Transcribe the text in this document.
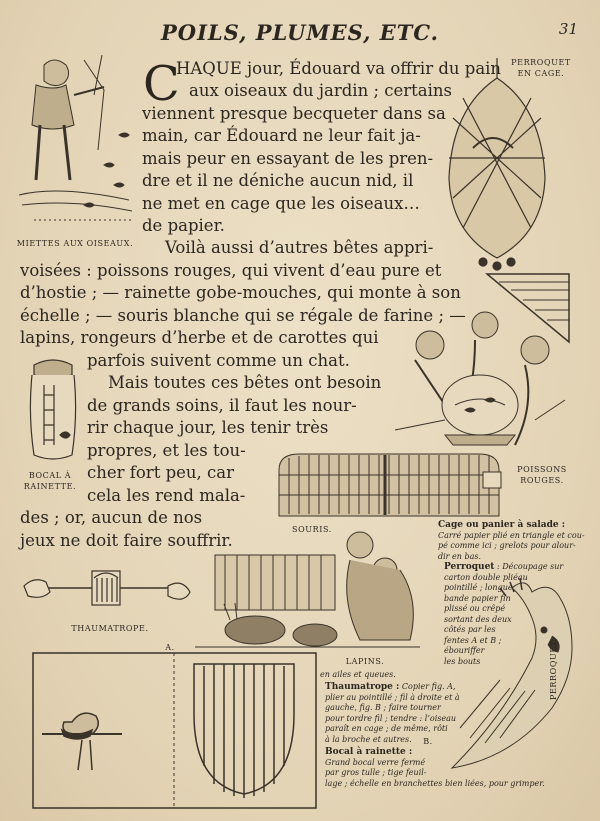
POILS, PLUMES, ETC.	31
C
HAQUE jour, Édouard va offrir du pain
aux oiseaux du jardin ; certains
viennent presque becqueter dans sa
main, car Édouard ne leur fait ja-
mais peur en essayant de les pren-
dre et il ne déniche aucun nid, il
ne met en cage que les oiseaux…
de papier.
Voilà aussi d’autres bêtes appri-
voisées : poissons rouges, qui vivent d’eau pure et
d’hostie ; — rainette gobe-mouches, qui monte à son
échelle ; — souris blanche qui se régale de farine ; —
lapins, rongeurs d’herbe et de carottes qui
parfois suivent comme un chat.
Mais toutes ces bêtes ont besoin
de grands soins, il faut les nour-
rir chaque jour, les tenir très
propres, et les tou-
cher fort peu, car
cela les rend mala-
des ; or, aucun de nos
jeux ne doit faire souffrir.
MIETTES AUX OISEAUX.
PERROQUET EN CAGE.
BOCAL À RAINETTE.
POISSONS ROUGES.
SOURIS.
LAPINS.
THAUMATROPE.
A.
B.
PERROQUET.
Cage ou panier à salade :
Carré papier plié en triangle et cou-
pé comme ici ; grelots pour alour-
dir en bas.
Perroquet : Découpage sur
carton double pliéau
pointillé ; longue
bande papier fin
plissé ou crêpé
sortant des deux
côtés par les
fentes A et B ;
ébouriffer
les bouts
en ailes et queues.
Thaumatrope : Copier fig. A,
plier au pointillé ; fil à droite et à
gauche, fig. B ; faire tourner
pour tordre fil ; tendre : l’oiseau
paraît en cage ; de même, rôti
à la broche et autres.
Bocal à rainette :
Grand bocal verre fermé
par gros tulle ; tige feuil-
lage ; échelle en branchettes bien liées, pour grimper.
